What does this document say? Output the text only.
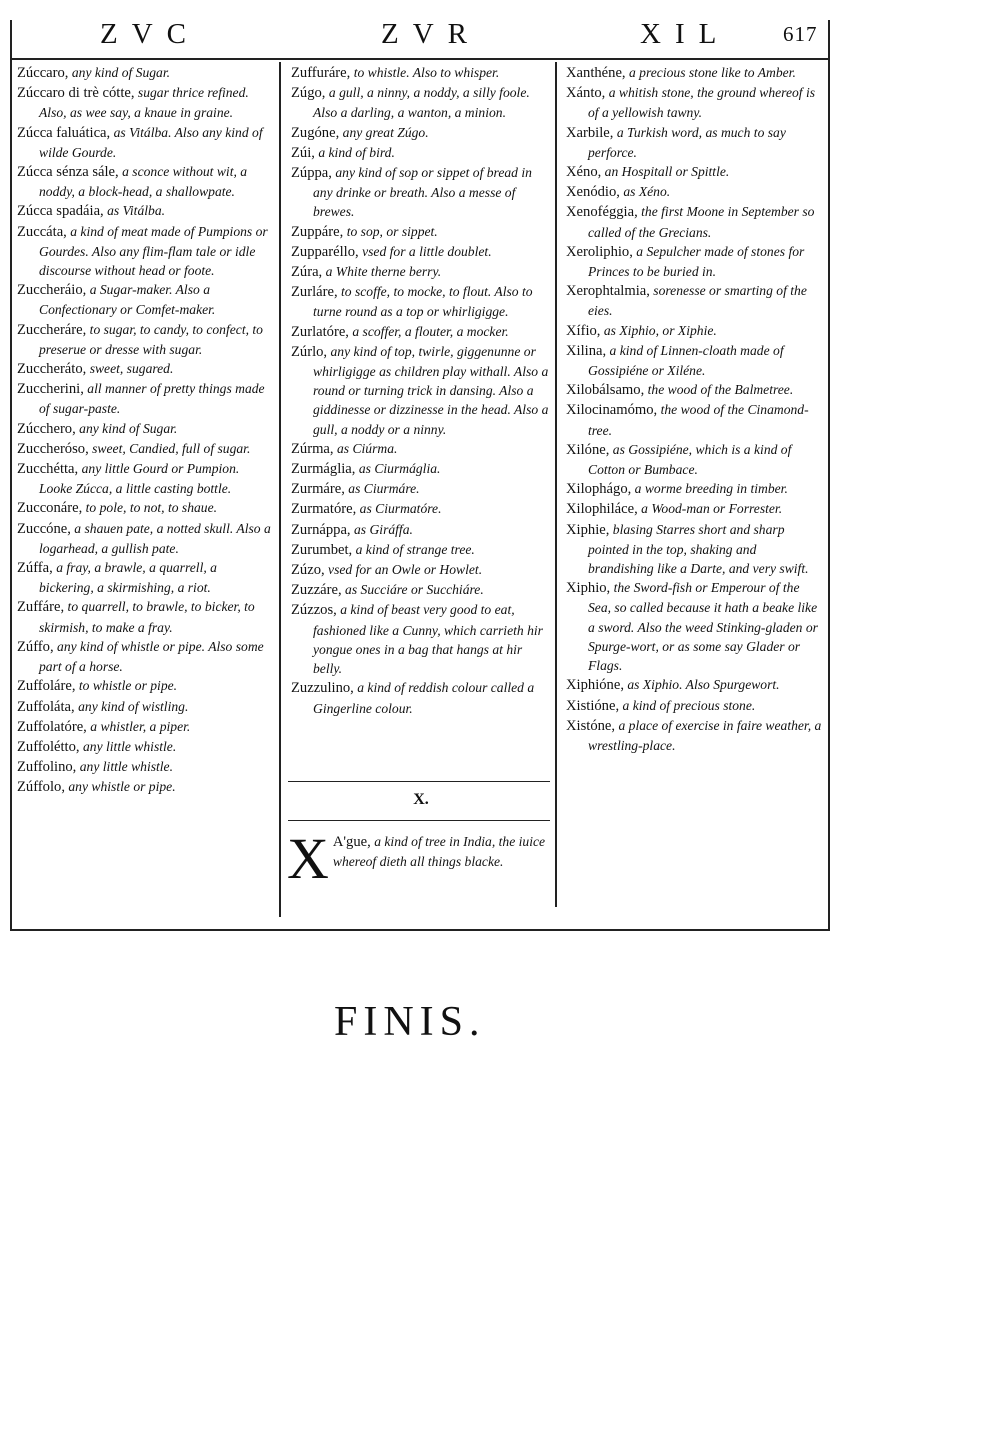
ZVC	ZVR	XIL	617

Zúccaro, any kind of Sugar.

Zúccaro di trè cótte, sugar thrice refined. Also, as wee say, a knaue in graine.

Zúcca faluática, as Vitálba. Also any kind of wilde Gourde.

Zúcca sénza sále, a sconce without wit, a noddy, a block-head, a shallowpate.

Zúcca spadáia, as Vitálba.

Zuccáta, a kind of meat made of Pumpions or Gourdes. Also any flim-flam tale or idle discourse without head or foote.

Zuccheráio, a Sugar-maker. Also a Confectionary or Comfet-maker.

Zuccheráre, to sugar, to candy, to confect, to preserue or dresse with sugar.

Zuccheráto, sweet, sugared.

Zuccherini, all manner of pretty things made of sugar-paste.

Zúcchero, any kind of Sugar.

Zuccheróso, sweet, Candied, full of sugar.

Zucchétta, any little Gourd or Pumpion. Looke Zúcca, a little casting bottle.

Zucconáre, to pole, to not, to shaue.

Zuccóne, a shauen pate, a notted skull. Also a logarhead, a gullish pate.

Zúffa, a fray, a brawle, a quarrell, a bickering, a skirmishing, a riot.

Zuffáre, to quarrell, to brawle, to bicker, to skirmish, to make a fray.

Zúffo, any kind of whistle or pipe. Also some part of a horse.

Zuffoláre, to whistle or pipe.

Zuffoláta, any kind of wistling.

Zuffolatóre, a whistler, a piper.

Zuffolétto, any little whistle.

Zuffolino, any little whistle.

Zúffolo, any whistle or pipe.

Zuffuráre, to whistle. Also to whisper.

Zúgo, a gull, a ninny, a noddy, a silly foole. Also a darling, a wanton, a minion.

Zugóne, any great Zúgo.

Zúi, a kind of bird.

Zúppa, any kind of sop or sippet of bread in any drinke or breath. Also a messe of brewes.

Zuppáre, to sop, or sippet.

Zupparéllo, vsed for a little doublet.

Zúra, a White therne berry.

Zurláre, to scoffe, to mocke, to flout. Also to turne round as a top or whirligigge.

Zurlatóre, a scoffer, a flouter, a mocker.

Zúrlo, any kind of top, twirle, giggenunne or whirligigge as children play withall. Also a round or turning trick in dansing. Also a giddinesse or dizzinesse in the head. Also a gull, a noddy or a ninny.

Zúrma, as Ciúrma.

Zurmáglia, as Ciurmáglia.

Zurmáre, as Ciurmáre.

Zurmatóre, as Ciurmatóre.

Zurnáppa, as Giráffa.

Zurumbet, a kind of strange tree.

Zúzo, vsed for an Owle or Howlet.

Zuzzáre, as Succiáre or Succhiáre.

Zúzzos, a kind of beast very good to eat, fashioned like a Cunny, which carrieth hir yongue ones in a bag that hangs at hir belly.

Zuzzulino, a kind of reddish colour called a Gingerline colour.

Xanthéne, a precious stone like to Amber.

Xánto, a whitish stone, the ground whereof is of a yellowish tawny.

Xarbile, a Turkish word, as much to say perforce.

Xéno, an Hospitall or Spittle.

Xenódio, as Xéno.

Xenoféggia, the first Moone in September so called of the Grecians.

Xeroliphio, a Sepulcher made of stones for Princes to be buried in.

Xerophtalmia, sorenesse or smarting of the eies.

Xífio, as Xiphio, or Xiphie.

Xilina, a kind of Linnen-cloath made of Gossipiéne or Xiléne.

Xilobálsamo, the wood of the Balmetree.

Xilocinamómo, the wood of the Cinamond-tree.

Xilóne, as Gossipiéne, which is a kind of Cotton or Bumbace.

Xilophágo, a worme breeding in timber.

Xilophiláce, a Wood-man or Forrester.

Xiphie, blasing Starres short and sharp pointed in the top, shaking and brandishing like a Darte, and very swift.

Xiphio, the Sword-fish or Emperour of the Sea, so called because it hath a beake like a sword. Also the weed Stinking-gladen or Spurge-wort, or as some say Glader or Flags.

Xiphióne, as Xiphio. Also Spurgewort.

Xistióne, a kind of precious stone.

Xistóne, a place of exercise in faire weather, a wrestling-place.

X.
X A'gue, a kind of tree in India, the iuice whereof dieth all things blacke.
FINIS.
